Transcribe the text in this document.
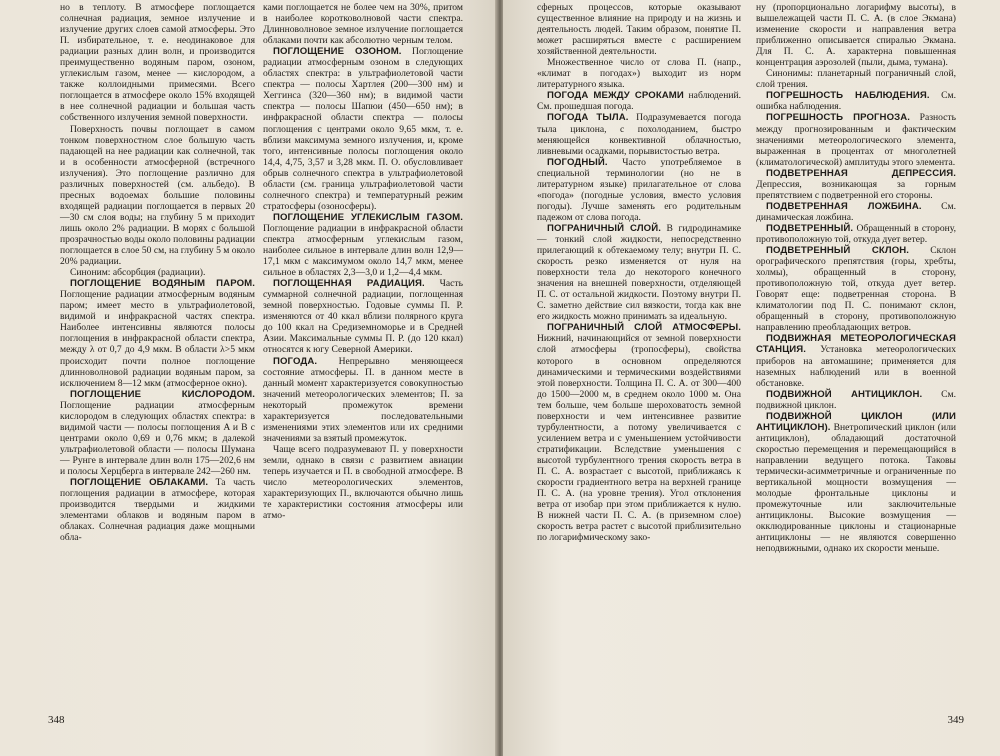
но в теплоту. В атмосфере поглощается солнечная радиация, земное излучение и излучение других слоев самой атмосферы. Это П. избирательное, т. е. неодинаковое для радиации разных длин волн, и производится преимущественно водяным паром, озоном, углекислым газом, менее — кислородом, а также коллоидными примесями. Всего поглощается в атмосфере около 15% входящей в нее солнечной радиации и большая часть собственного излучения земной поверхности.

Поверхность почвы поглощает в самом тонком поверхностном слое большую часть падающей на нее радиации как солнечной, так и в особенности атмосферной (встречного излучения). Это поглощение различно для различных поверхностей (см. альбедо). В пресных водоемах большие половины входящей радиации поглощается в первых 20—30 см слоя воды; на глубину 5 м приходит лишь около 2% радиации. В морях с большой прозрачностью воды около половины радиации поглощается в слое 50 см, на глубину 5 м около 20% радиации.

Синоним: абсорбция (радиации).

ПОГЛОЩЕНИЕ ВОДЯНЫМ ПАРОМ. Поглощение радиации атмосферным водяным паром; имеет место в ультрафиолетовой, видимой и инфракрасной частях спектра. Наиболее интенсивны являются полосы поглощения в инфракрасной области спектра, между λ от 0,7 до 4,9 мкм. В области λ>5 мкм происходит почти полное поглощение длинноволновой радиации водяным паром, за исключением 8—12 мкм (атмосферное окно).

ПОГЛОЩЕНИЕ КИСЛОРОДОМ. Поглощение радиации атмосферным кислородом в следующих областях спектра: в видимой части — полосы поглощения A и B с центрами около 0,69 и 0,76 мкм; в далекой ультрафиолетовой области — полосы Шумана — Рунге в интервале длин волн 175—202,6 нм и полосы Херцберга в интервале 242—260 нм.

ПОГЛОЩЕНИЕ ОБЛАКАМИ. Та часть поглощения радиации в атмосфере, которая производится твердыми и жидкими элементами облаков и водяным паром в облаках. Солнечная радиация даже мощными обла-

ками поглощается не более чем на 30%, притом в наиболее коротковолновой части спектра. Длинноволновое земное излучение поглощается облаками почти как абсолютно черным телом.

ПОГЛОЩЕНИЕ ОЗОНОМ. Поглощение радиации атмосферным озоном в следующих областях спектра: в ультрафиолетовой части спектра — полосы Хартлея (200—300 нм) и Хеггинса (320—360 нм); в видимой части спектра — полосы Шапюи (450—650 нм); в инфракрасной области спектра — полосы поглощения с центрами около 9,65 мкм, т. е. вблизи максимума земного излучения, и, кроме того, интенсивные полосы поглощения около 14,4, 4,75, 3,57 и 3,28 мкм. П. О. обусловливает обрыв солнечного спектра в ультрафиолетовой области (см. граница ультрафиолетовой части солнечного спектра) и температурный режим стратосферы (озоносферы).

ПОГЛОЩЕНИЕ УГЛЕКИСЛЫМ ГАЗОМ. Поглощение радиации в инфракрасной области спектра атмосферным углекислым газом, наиболее сильное в интервале длин волн 12,9—17,1 мкм с максимумом около 14,7 мкм, менее сильное в областях 2,3—3,0 и 1,2—4,4 мкм.

ПОГЛОЩЕННАЯ РАДИАЦИЯ. Часть суммарной солнечной радиации, поглощенная земной поверхностью. Годовые суммы П. Р. изменяются от 40 ккал вблизи полярного круга до 100 ккал на Средиземноморье и в Средней Азии. Максимальные суммы П. Р. (до 120 ккал) относятся к югу Северной Америки.

ПОГОДА. Непрерывно меняющееся состояние атмосферы. П. в данном месте в данный момент характеризуется совокупностью значений метеорологических элементов; П. за некоторый промежуток времени характеризуется последовательными изменениями этих элементов или их средними значениями за взятый промежуток.

Чаще всего подразумевают П. у поверхности земли, однако в связи с развитием авиации теперь изучается и П. в свободной атмосфере. В число метеорологических элементов, характеризующих П., включаются обычно лишь те характеристики состояния атмосферы или атмо-

348

сферных процессов, которые оказывают существенное влияние на природу и на жизнь и деятельность людей. Таким образом, понятие П. может расширяться вместе с расширением хозяйственной деятельности.

Множественное число от слова П. (напр., «климат в погодах») выходит из норм литературного языка.

ПОГОДА МЕЖДУ СРОКАМИ наблюдений. См. прошедшая погода.

ПОГОДА ТЫЛА. Подразумевается погода тыла циклона, с похолоданием, быстро меняющейся конвективной облачностью, ливневыми осадками, порывистостью ветра.

ПОГОДНЫЙ. Часто употребляемое в специальной терминологии (но не в литературном языке) прилагательное от слова «погода» (погодные условия, вместо условия погоды). Лучше заменять его родительным падежом от слова погода.

ПОГРАНИЧНЫЙ СЛОЙ. В гидродинамике — тонкий слой жидкости, непосредственно прилегающий к обтекаемому телу; внутри П. С. скорость резко изменяется от нуля на поверхности тела до некоторого конечного значения на внешней поверхности, отделяющей П. С. от остальной жидкости. Поэтому внутри П. С. заметно действие сил вязкости, тогда как вне его жидкость можно принимать за идеальную.

ПОГРАНИЧНЫЙ СЛОЙ АТМОСФЕРЫ. Нижний, начинающийся от земной поверхности слой атмосферы (тропосферы), свойства которого в основном определяются динамическими и термическими воздействиями этой поверхности. Толщина П. С. А. от 300—400 до 1500—2000 м, в среднем около 1000 м. Она тем больше, чем больше шероховатость земной поверхности и чем интенсивнее развитие турбулентности, а потому увеличивается с усилением ветра и с уменьшением устойчивости стратификации. Вследствие уменьшения с высотой турбулентного трения скорость ветра в П. С. А. возрастает с высотой, приближаясь к скорости градиентного ветра на верхней границе П. С. А. (на уровне трения). Угол отклонения ветра от изобар при этом приближается к нулю. В нижней части П. С. А. (в приземном слое) скорость ветра растет с высотой приблизительно по логарифмическому зако-

ну (пропорционально логарифму высоты), в вышележащей части П. С. А. (в слое Экмана) изменение скорости и направления ветра приближенно описывается спиралью Экмана. Для П. С. А. характерна повышенная концентрация аэрозолей (пыли, дыма, тумана).

Синонимы: планетарный пограничный слой, слой трения.

ПОГРЕШНОСТЬ НАБЛЮДЕНИЯ. См. ошибка наблюдения.

ПОГРЕШНОСТЬ ПРОГНОЗА. Разность между прогнозированным и фактическим значениями метеорологического элемента, выраженная в процентах от многолетней (климатологической) амплитуды этого элемента.

ПОДВЕТРЕННАЯ ДЕПРЕССИЯ. Депрессия, возникающая за горным препятствием с подветренной его стороны.

ПОДВЕТРЕННАЯ ЛОЖБИНА. См. динамическая ложбина.

ПОДВЕТРЕННЫЙ. Обращенный в сторону, противоположную той, откуда дует ветер.

ПОДВЕТРЕННЫЙ СКЛОН. Склон орографического препятствия (горы, хребты, холмы), обращенный в сторону, противоположную той, откуда дует ветер. Говорят еще: подветренная сторона. В климатологии под П. С. понимают склон, обращенный в сторону, противоположную направлению преобладающих ветров.

ПОДВИЖНАЯ МЕТЕОРОЛОГИЧЕСКАЯ СТАНЦИЯ. Установка метеорологических приборов на автомашине; применяется для наземных наблюдений или в военной обстановке.

ПОДВИЖНОЙ АНТИЦИКЛОН. См. подвижной циклон.

ПОДВИЖНОЙ ЦИКЛОН (ИЛИ АНТИЦИКЛОН). Внетропический циклон (или антициклон), обладающий достаточной скоростью перемещения и перемещающийся в направлении ведущего потока. Таковы термически-асимметричные и ограниченные по вертикальной мощности возмущения — молодые фронтальные циклоны и промежуточные или заключительные антициклоны. Высокие возмущения — окклюдированные циклоны и стационарные антициклоны — не являются совершенно неподвижными, однако их скорости меньше.

349
